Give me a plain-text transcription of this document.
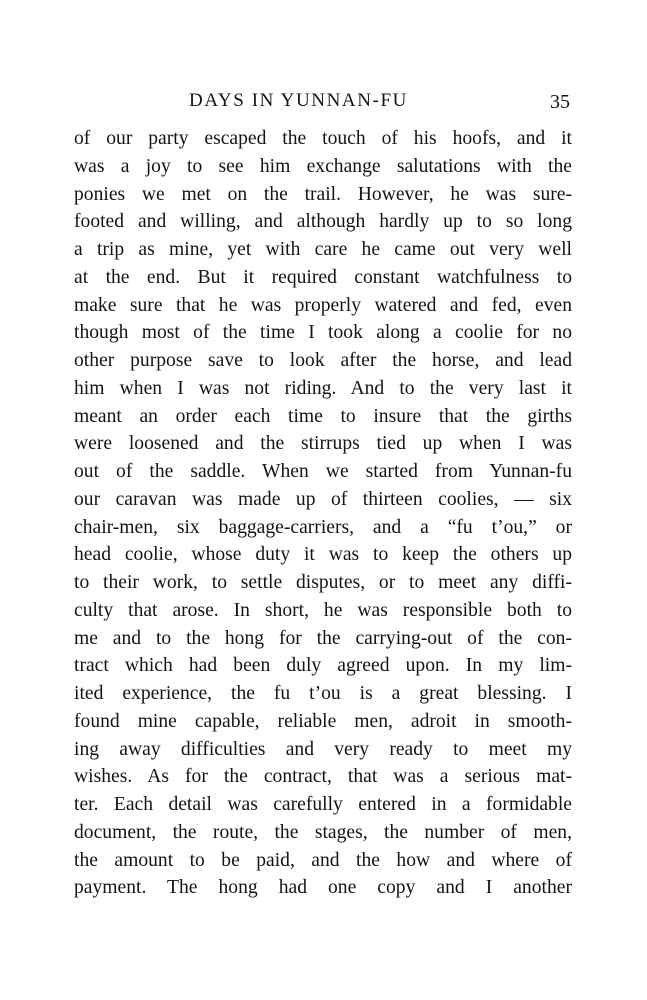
DAYS IN YUNNAN-FU	35
of our party escaped the touch of his hoofs, and it
was a joy to see him exchange salutations with the
ponies we met on the trail. However, he was sure-
footed and willing, and although hardly up to so long
a trip as mine, yet with care he came out very well
at the end. But it required constant watchfulness to
make sure that he was properly watered and fed, even
though most of the time I took along a coolie for no
other purpose save to look after the horse, and lead
him when I was not riding. And to the very last it
meant an order each time to insure that the girths
were loosened and the stirrups tied up when I was
out of the saddle. When we started from Yunnan-fu
our caravan was made up of thirteen coolies, — six
chair-men, six baggage-carriers, and a “fu t’ou,” or
head coolie, whose duty it was to keep the others up
to their work, to settle disputes, or to meet any diffi-
culty that arose. In short, he was responsible both to
me and to the hong for the carrying-out of the con-
tract which had been duly agreed upon. In my lim-
ited experience, the fu t’ou is a great blessing. I
found mine capable, reliable men, adroit in smooth-
ing away difficulties and very ready to meet my
wishes. As for the contract, that was a serious mat-
ter. Each detail was carefully entered in a formidable
document, the route, the stages, the number of men,
the amount to be paid, and the how and where of
payment. The hong had one copy and I another
